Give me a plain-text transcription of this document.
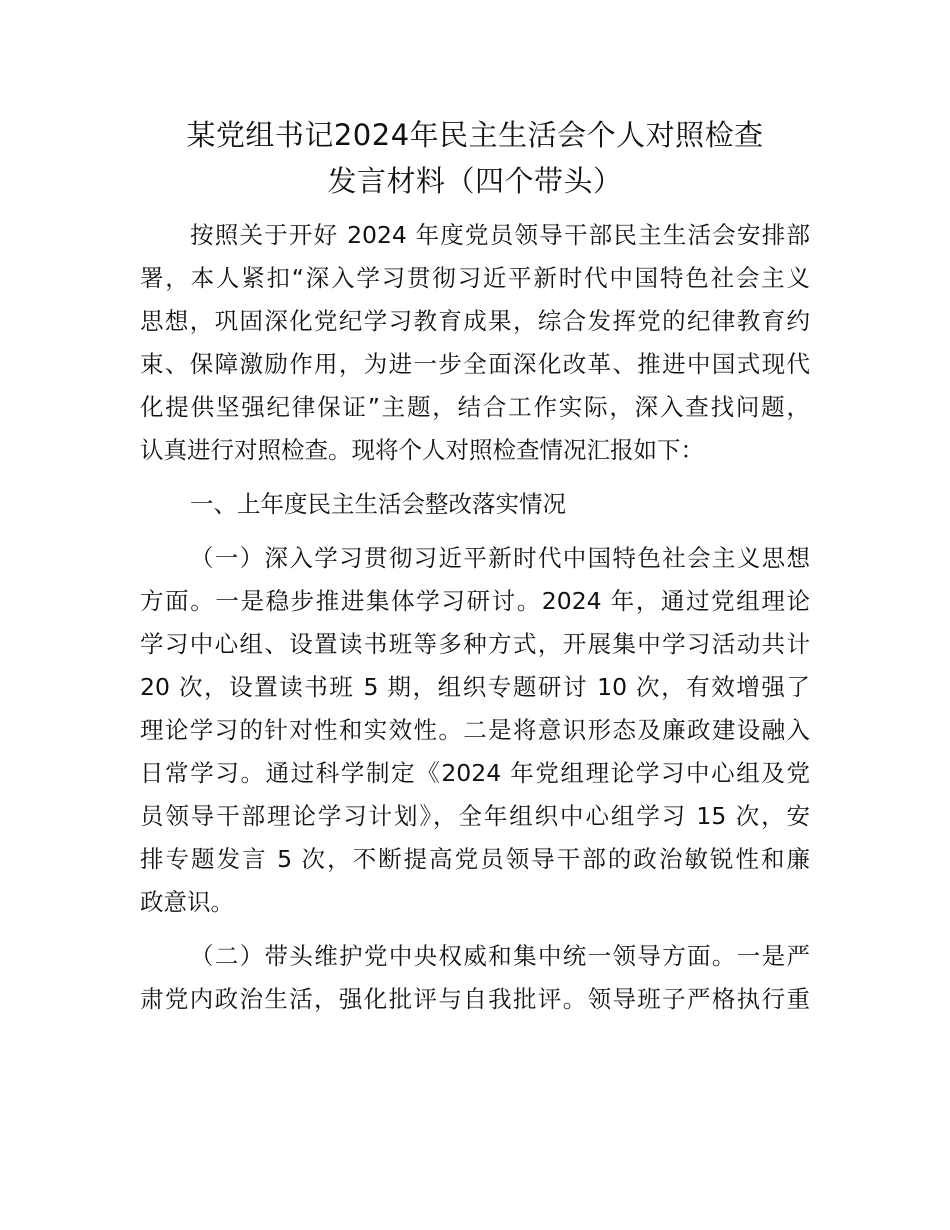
某党组书记2024年民主生活会个人对照检查
发言材料（四个带头）
按照关于开好 2024 年度党员领导干部民主生活会安排部
署，本人紧扣“深入学习贯彻习近平新时代中国特色社会主义
思想，巩固深化党纪学习教育成果，综合发挥党的纪律教育约
束、保障激励作用，为进一步全面深化改革、推进中国式现代
化提供坚强纪律保证”主题，结合工作实际，深入查找问题，
认真进行对照检查。现将个人对照检查情况汇报如下：
一、上年度民主生活会整改落实情况
（一）深入学习贯彻习近平新时代中国特色社会主义思想
方面。一是稳步推进集体学习研讨。2024 年，通过党组理论
学习中心组、设置读书班等多种方式，开展集中学习活动共计
20 次，设置读书班 5 期，组织专题研讨 10 次，有效增强了
理论学习的针对性和实效性。二是将意识形态及廉政建设融入
日常学习。通过科学制定《2024 年党组理论学习中心组及党
员领导干部理论学习计划》，全年组织中心组学习 15 次，安
排专题发言 5 次，不断提高党员领导干部的政治敏锐性和廉
政意识。
（二）带头维护党中央权威和集中统一领导方面。一是严
肃党内政治生活，强化批评与自我批评。领导班子严格执行重
